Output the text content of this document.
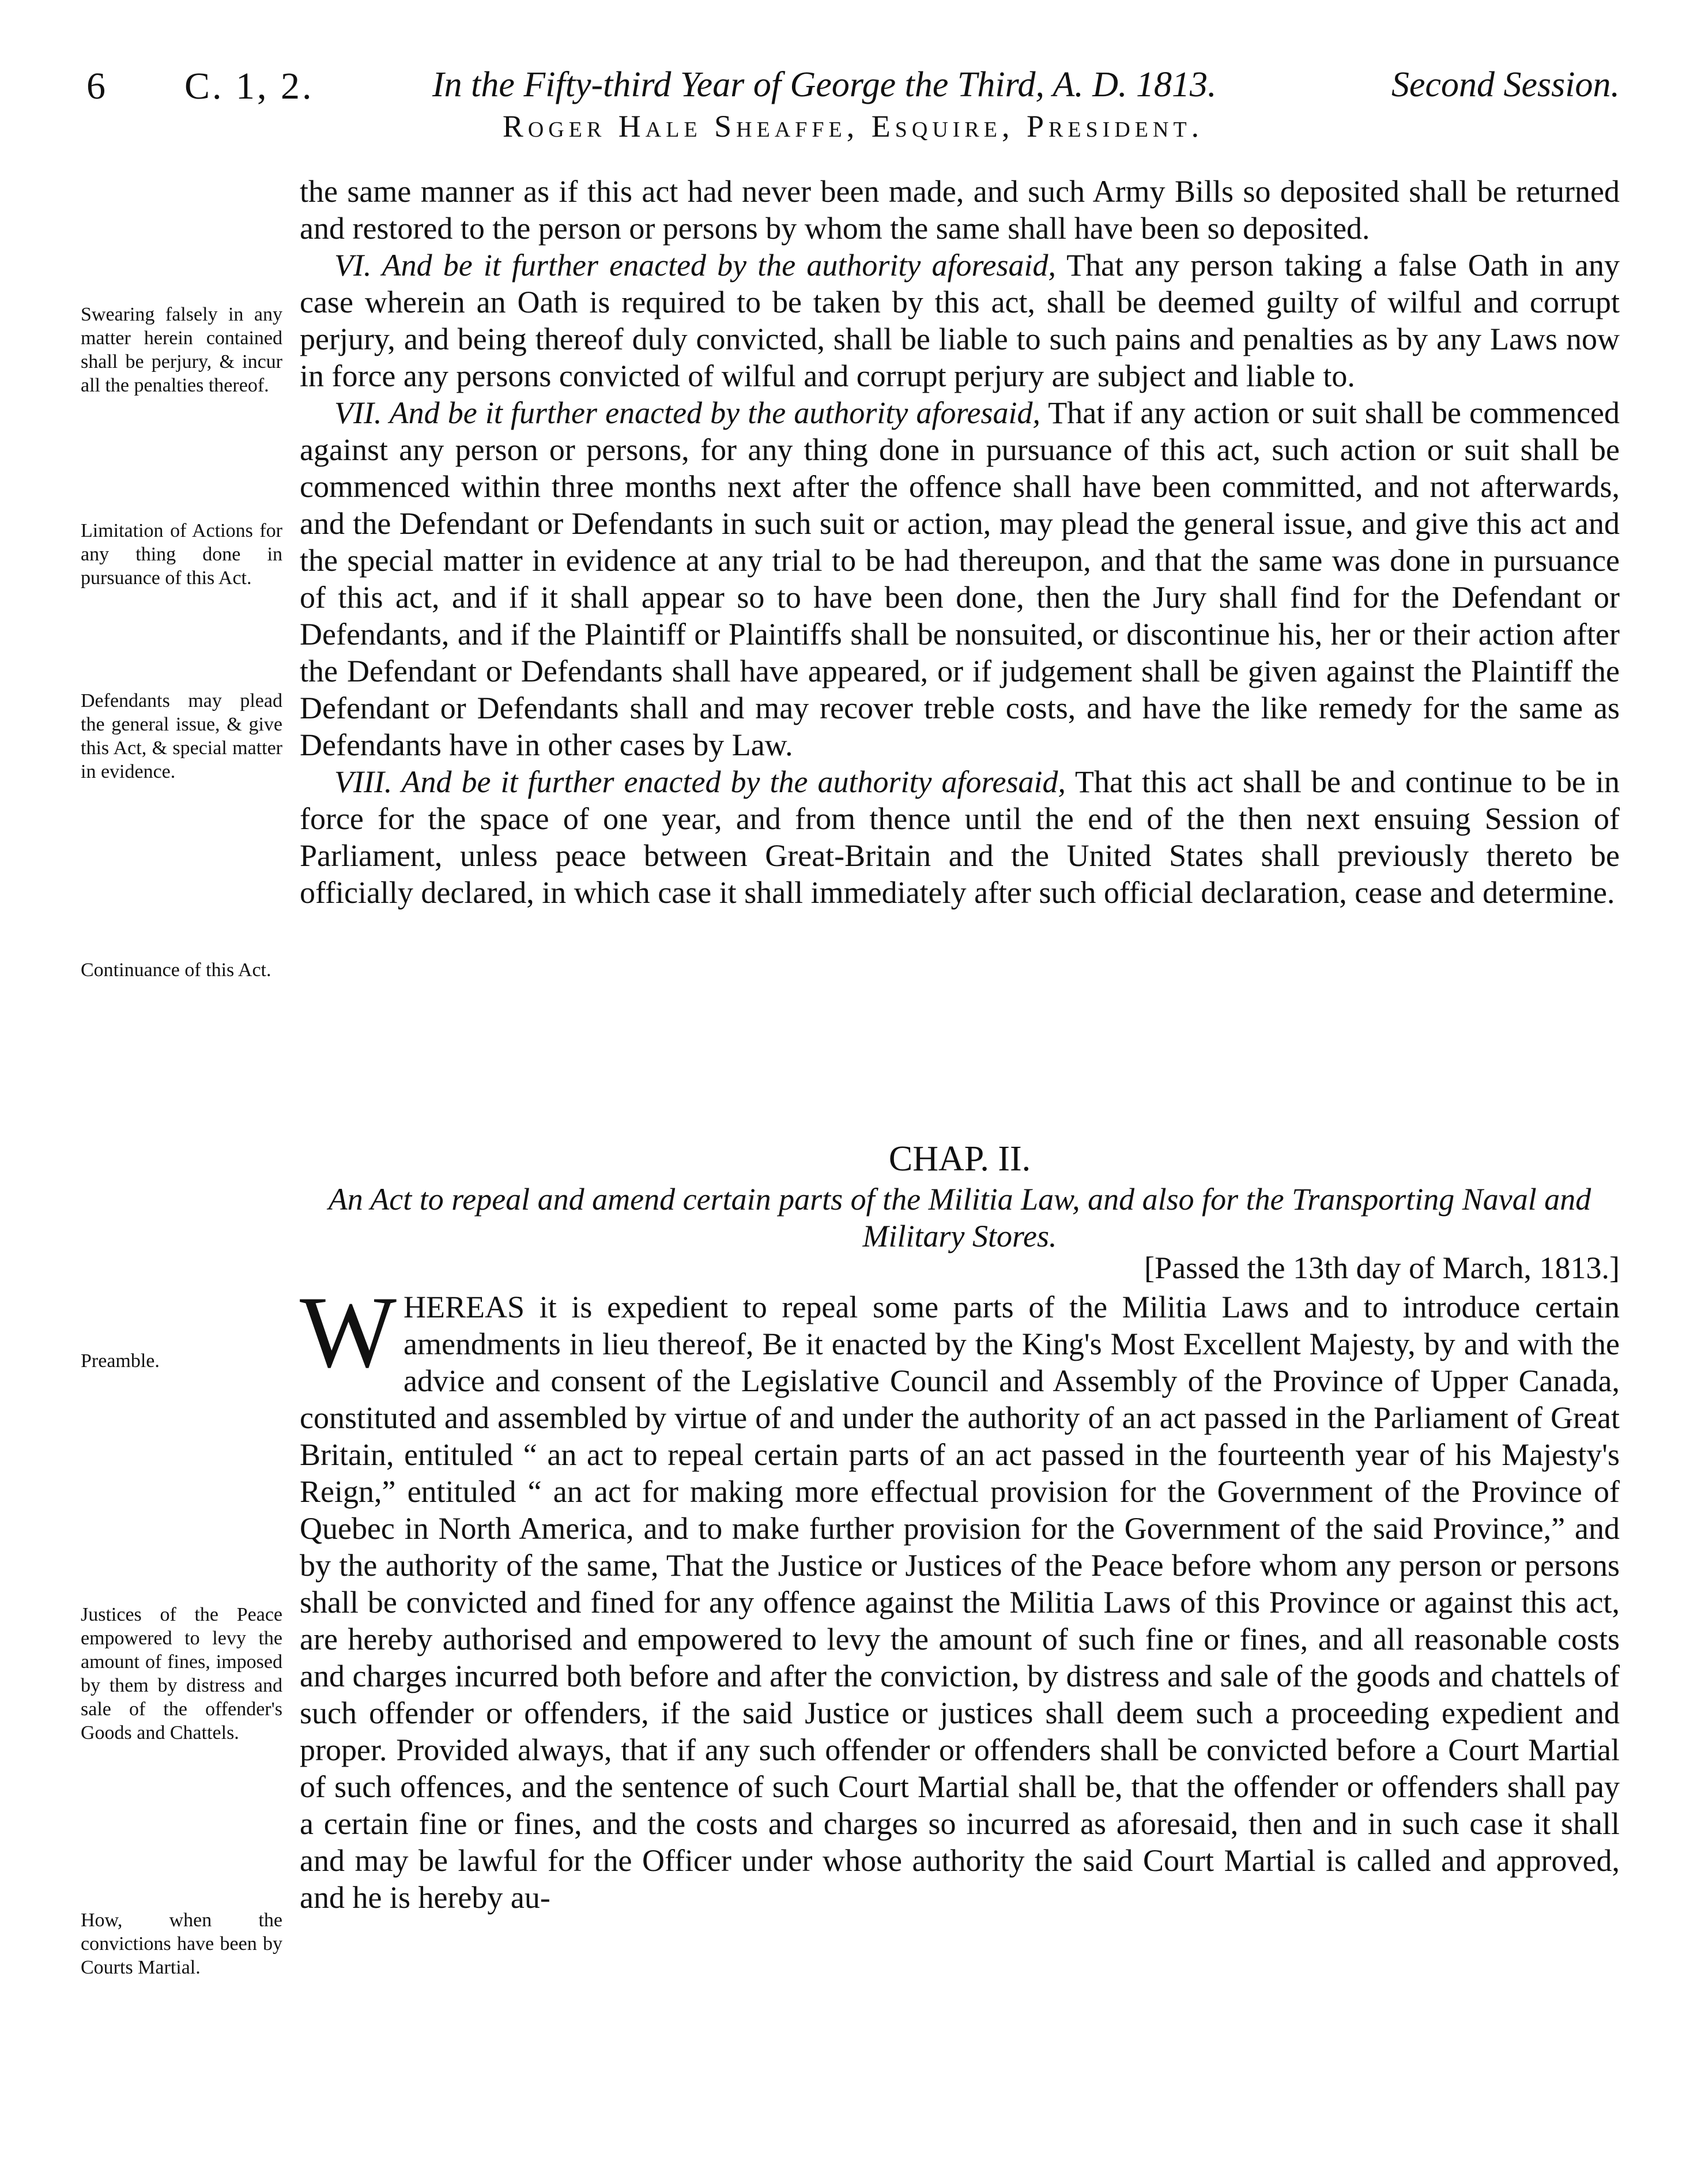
6 C. 1, 2.	In the Fifty-third Year of George the Third, A. D. 1813.	Second Session.
Roger Hale Sheaffe, Esquire, President.
Swearing falsely in any matter herein contained shall be perjury, & incur all the penalties thereof.
Limitation of Actions for any thing done in pursuance of this Act.
Defendants may plead the general issue, & give this Act, & special matter in evidence.
Continuance of this Act.
Preamble.
Justices of the Peace empowered to levy the amount of fines, imposed by them by distress and sale of the offender's Goods and Chattels.
How, when the convictions have been by Courts Martial.

the same manner as if this act had never been made, and such Army Bills so deposited shall be returned and restored to the person or persons by whom the same shall have been so deposited.

VI. And be it further enacted by the authority aforesaid, That any person taking a false Oath in any case wherein an Oath is required to be taken by this act, shall be deemed guilty of wilful and corrupt perjury, and being thereof duly convicted, shall be liable to such pains and penalties as by any Laws now in force any persons convicted of wilful and corrupt perjury are subject and liable to.

VII. And be it further enacted by the authority aforesaid, That if any action or suit shall be commenced against any person or persons, for any thing done in pursuance of this act, such action or suit shall be commenced within three months next after the offence shall have been committed, and not afterwards, and the Defendant or Defendants in such suit or action, may plead the general issue, and give this act and the special matter in evidence at any trial to be had thereupon, and that the same was done in pursuance of this act, and if it shall appear so to have been done, then the Jury shall find for the Defendant or Defendants, and if the Plaintiff or Plaintiffs shall be nonsuited, or discontinue his, her or their action after the Defendant or Defendants shall have appeared, or if judgement shall be given against the Plaintiff the Defendant or Defendants shall and may recover treble costs, and have the like remedy for the same as Defendants have in other cases by Law.

VIII. And be it further enacted by the authority aforesaid, That this act shall be and continue to be in force for the space of one year, and from thence until the end of the then next ensuing Session of Parliament, unless peace between Great-Britain and the United States shall previously thereto be officially declared, in which case it shall immediately after such official declaration, cease and determine.

CHAP. II.
An Act to repeal and amend certain parts of the Militia Law, and also for the Transporting Naval and Military Stores.
[Passed the 13th day of March, 1813.]

WHEREAS it is expedient to repeal some parts of the Militia Laws and to introduce certain amendments in lieu thereof, Be it enacted by the King's Most Excellent Majesty, by and with the advice and consent of the Legislative Council and Assembly of the Province of Upper Canada, constituted and assembled by virtue of and under the authority of an act passed in the Parliament of Great Britain, entituled “ an act to repeal certain parts of an act passed in the fourteenth year of his Majesty's Reign,” entituled “ an act for making more effectual provision for the Government of the Province of Quebec in North America, and to make further provision for the Government of the said Province,” and by the authority of the same, That the Justice or Justices of the Peace before whom any person or persons shall be convicted and fined for any offence against the Militia Laws of this Province or against this act, are hereby authorised and empowered to levy the amount of such fine or fines, and all reasonable costs and charges incurred both before and after the conviction, by distress and sale of the goods and chattels of such offender or offenders, if the said Justice or justices shall deem such a proceeding expedient and proper. Provided always, that if any such offender or offenders shall be convicted before a Court Martial of such offences, and the sentence of such Court Martial shall be, that the offender or offenders shall pay a certain fine or fines, and the costs and charges so incurred as aforesaid, then and in such case it shall and may be lawful for the Officer under whose authority the said Court Martial is called and approved, and he is hereby au-
